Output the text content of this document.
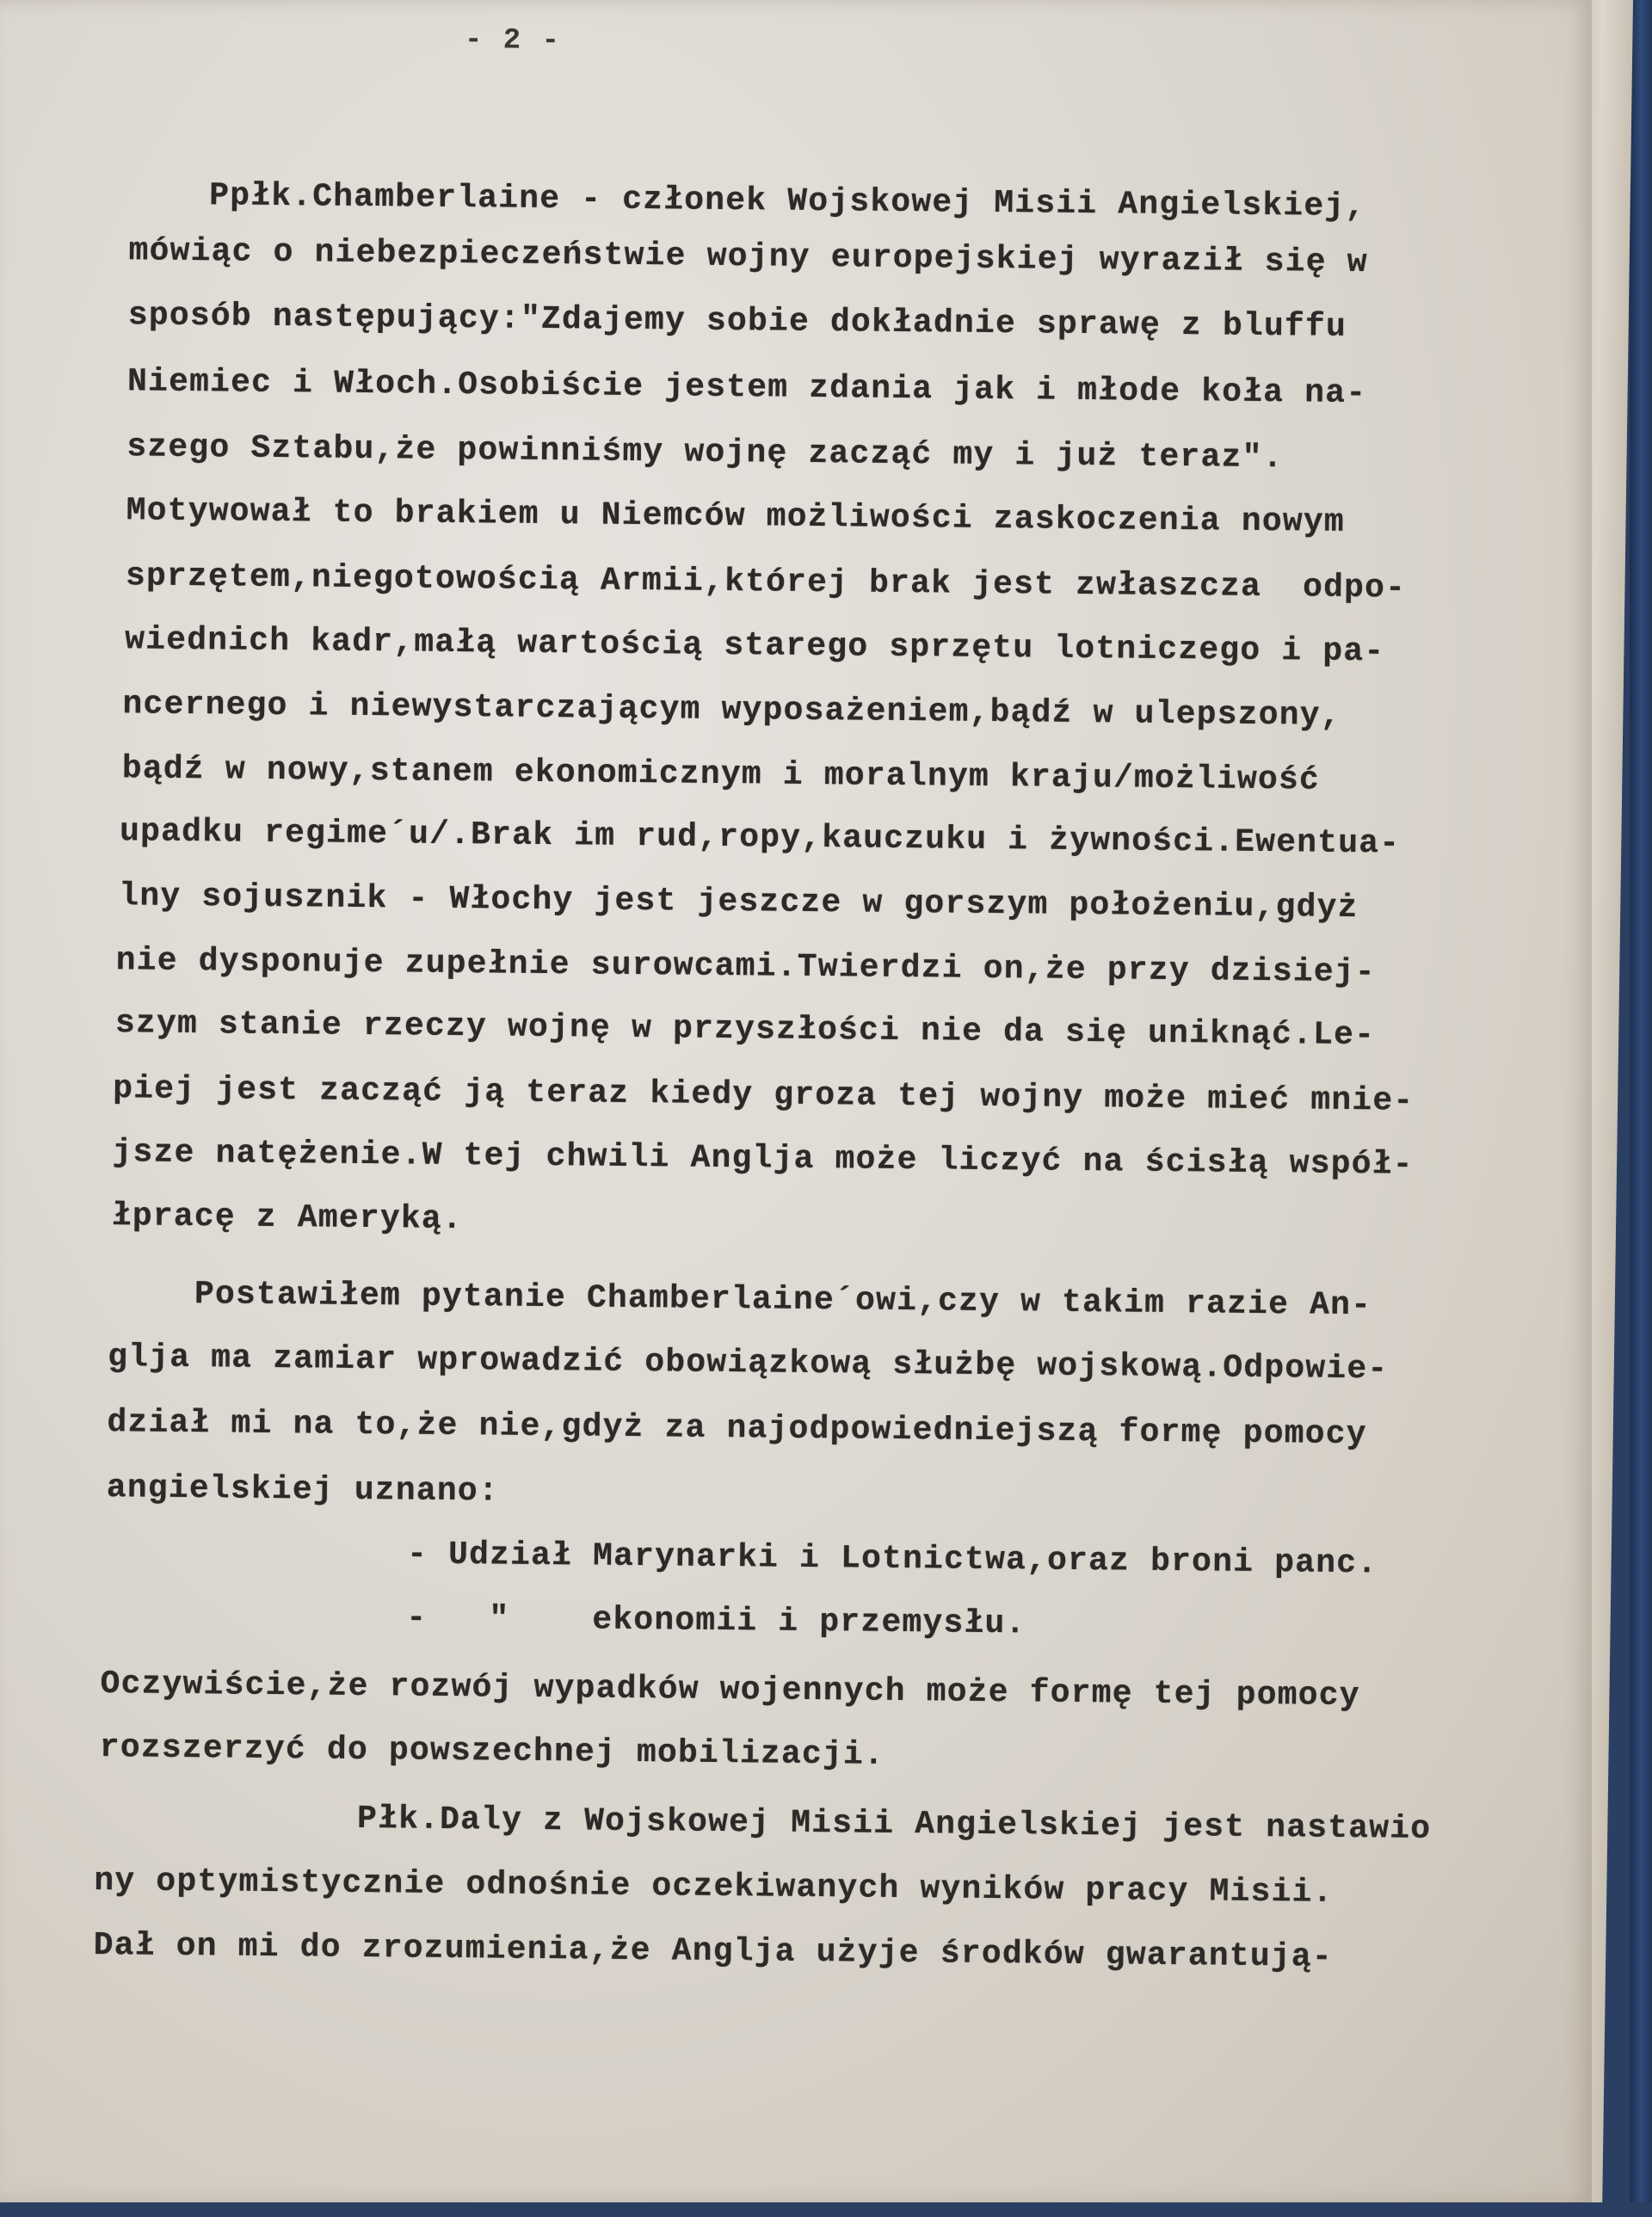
- 2 -
Ppłk.Chamberlaine - członek Wojskowej Misii Angielskiej,
mówiąc o niebezpieczeństwie wojny europejskiej wyraził się w
sposób następujący:"Zdajemy sobie dokładnie sprawę z bluffu
Niemiec i Włoch.Osobiście jestem zdania jak i młode koła na-
szego Sztabu,że powinniśmy wojnę zacząć my i już teraz".
Motywował to brakiem u Niemców możliwości zaskoczenia nowym
sprzętem,niegotowością Armii,której brak jest zwłaszcza  odpo-
wiednich kadr,małą wartością starego sprzętu lotniczego i pa-
ncernego i niewystarczającym wyposażeniem,bądź w ulepszony,
bądź w nowy,stanem ekonomicznym i moralnym kraju/możliwość
upadku regime´u/.Brak im rud,ropy,kauczuku i żywności.Ewentua-
lny sojusznik - Włochy jest jeszcze w gorszym położeniu,gdyż
nie dysponuje zupełnie surowcami.Twierdzi on,że przy dzisiej-
szym stanie rzeczy wojnę w przyszłości nie da się uniknąć.Le-
piej jest zacząć ją teraz kiedy groza tej wojny może mieć mnie-
jsze natężenie.W tej chwili Anglja może liczyć na ścisłą współ-
łpracę z Ameryką.
Postawiłem pytanie Chamberlaine´owi,czy w takim razie An-
glja ma zamiar wprowadzić obowiązkową służbę wojskową.Odpowie-
dział mi na to,że nie,gdyż za najodpowiedniejszą formę pomocy
angielskiej uznano:
- Udział Marynarki i Lotnictwa,oraz broni panc.
-   "    ekonomii i przemysłu.
Oczywiście,że rozwój wypadków wojennych może formę tej pomocy
rozszerzyć do powszechnej mobilizacji.
Płk.Daly z Wojskowej Misii Angielskiej jest nastawio
ny optymistycznie odnośnie oczekiwanych wyników pracy Misii.
Dał on mi do zrozumienia,że Anglja użyje środków gwarantują-
